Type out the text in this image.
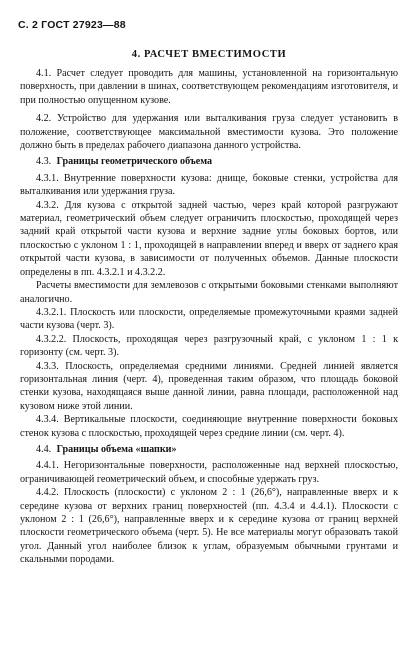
С. 2 ГОСТ 27923—88
4. РАСЧЕТ ВМЕСТИМОСТИ

4.1. Расчет следует проводить для машины, установленной на горизонтальную поверхность, при давлении в шинах, соответствующем рекомендациям изготовителя, и при полностью опущенном кузове.

4.2. Устройство для удержания или выталкивания груза следует установить в положение, соответствующее максимальной вместимости кузова. Это положение должно быть в пределах рабочего диапазона данного устройства.

4.3. Границы геометрического объема

4.3.1. Внутренние поверхности кузова: днище, боковые стенки, устройства для выталкивания или удержания груза.

4.3.2. Для кузова с открытой задней частью, через край которой разгружают материал, геометрический объем следует ограничить плоскостью, проходящей через задний край открытой части кузова и верхние задние углы боковых бортов, или плоскостью с уклоном 1 : 1, проходящей в направлении вперед и вверх от заднего края открытой части кузова, в зависимости от полученных объемов. Данные плоскости определены в пп. 4.3.2.1 и 4.3.2.2.

Расчеты вместимости для землевозов с открытыми боковыми стенками выполняют аналогично.

4.3.2.1. Плоскость или плоскости, определяемые промежуточными краями задней части кузова (черт. 3).

4.3.2.2. Плоскость, проходящая через разгрузочный край, с уклоном 1 : 1 к горизонту (см. черт. 3).

4.3.3. Плоскость, определяемая средними линиями. Средней линией является горизонтальная линия (черт. 4), проведенная таким образом, что площадь боковой стенки кузова, находящаяся выше данной линии, равна площади, расположенной над кузовом ниже этой линии.

4.3.4. Вертикальные плоскости, соединяющие внутренние поверхности боковых стенок кузова с плоскостью, проходящей через средние линии (см. черт. 4).

4.4. Границы объема «шапки»

4.4.1. Негоризонтальные поверхности, расположенные над верхней плоскостью, ограничивающей геометрический объем, и способные удержать груз.

4.4.2. Плоскость (плоскости) с уклоном 2 : 1 (26,6°), направленные вверх и к середине кузова от верхних границ поверхностей (пп. 4.3.4 и 4.4.1). Плоскости с уклоном 2 : 1 (26,6°), направленные вверх и к середине кузова от границ верхней плоскости геометрического объема (черт. 5). Не все материалы могут образовать такой угол. Данный угол наиболее близок к углам, образуемым обычными грунтами и скальными породами.
